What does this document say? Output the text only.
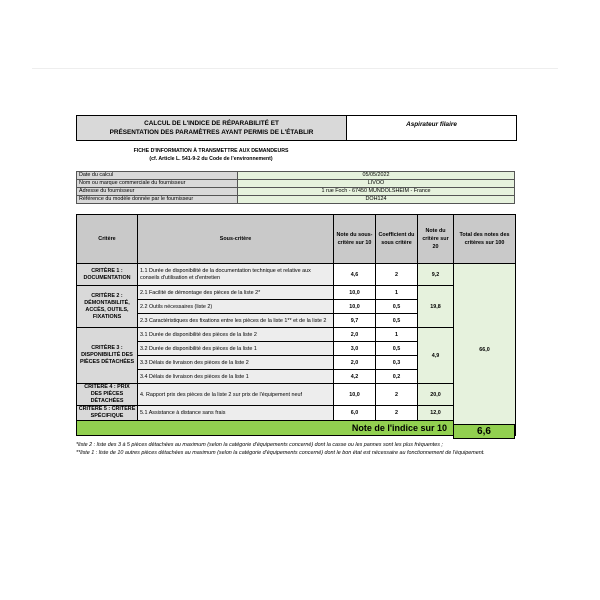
CALCUL DE L'INDICE DE RÉPARABILITÉ ET
PRÉSENTATION DES PARAMÈTRES AYANT PERMIS DE L'ÉTABLIR
Aspirateur filaire
FICHE D'INFORMATION À TRANSMETTRE AUX DEMANDEURS
(cf. Article L. 541-9-2 du Code de l'environnement)
Date du calcul	05/05/2022
Nom ou marque commerciale du fournisseur	LIVOO
Adresse du fournisseur	1 rue Foch - 67450 MUNDOLSHEIM - France
Référence du modèle donnée par le fournisseur	DOH124
Critère	Sous-critère	Note du sous-critère sur 10	Coefficient du sous critère	Note du critère sur 20	Total des notes des critères sur 100
CRITÈRE 1 : DOCUMENTATION	1.1 Durée de disponibilité de la documentation technique et relative aux conseils d'utilisation et d'entretien	4,6	2	9,2	66,0
CRITÈRE 2 : DÉMONTABILITÉ, ACCÈS, OUTILS, FIXATIONS	2.1 Facilité de démontage des pièces de la liste 2*	10,0	1	19,8	
	2.2 Outils nécessaires (liste 2)	10,0	0,5		
	2.3 Caractéristiques des fixations entre les pièces de la liste 1** et de la liste 2	9,7	0,5		
CRITÈRE 3 : DISPONIBILITÉ DES PIÈCES DÉTACHÉES	3.1 Durée de disponibilité des pièces de la liste 2	2,0	1	4,9	
	3.2 Durée de disponibilité des pièces de la liste 1	3,0	0,5		
	3.3 Délais de livraison des pièces de la liste 2	2,0	0,3		
	3.4 Délais de livraison des pièces de la liste 1	4,2	0,2		
CRITÈRE 4 : PRIX DES PIÈCES DÉTACHÉES	4. Rapport prix des pièces de la liste 2 sur prix de l'équipement neuf	10,0	2	20,0	
CRITÈRE 5 : CRITÈRE SPÉCIFIQUE	5.1 Assistance à distance sans frais	6,0	2	12,0	
Note de l'indice sur 10						6,6
*liste 2 : liste des 3 à 5 pièces détachées au maximum (selon la catégorie d'équipements concerné) dont la casse ou les pannes sont les plus fréquentes ;
**liste 1 : liste de 10 autres pièces détachées au maximum (selon la catégorie d'équipements concerné) dont le bon état est nécessaire au fonctionnement de l'équipement.
